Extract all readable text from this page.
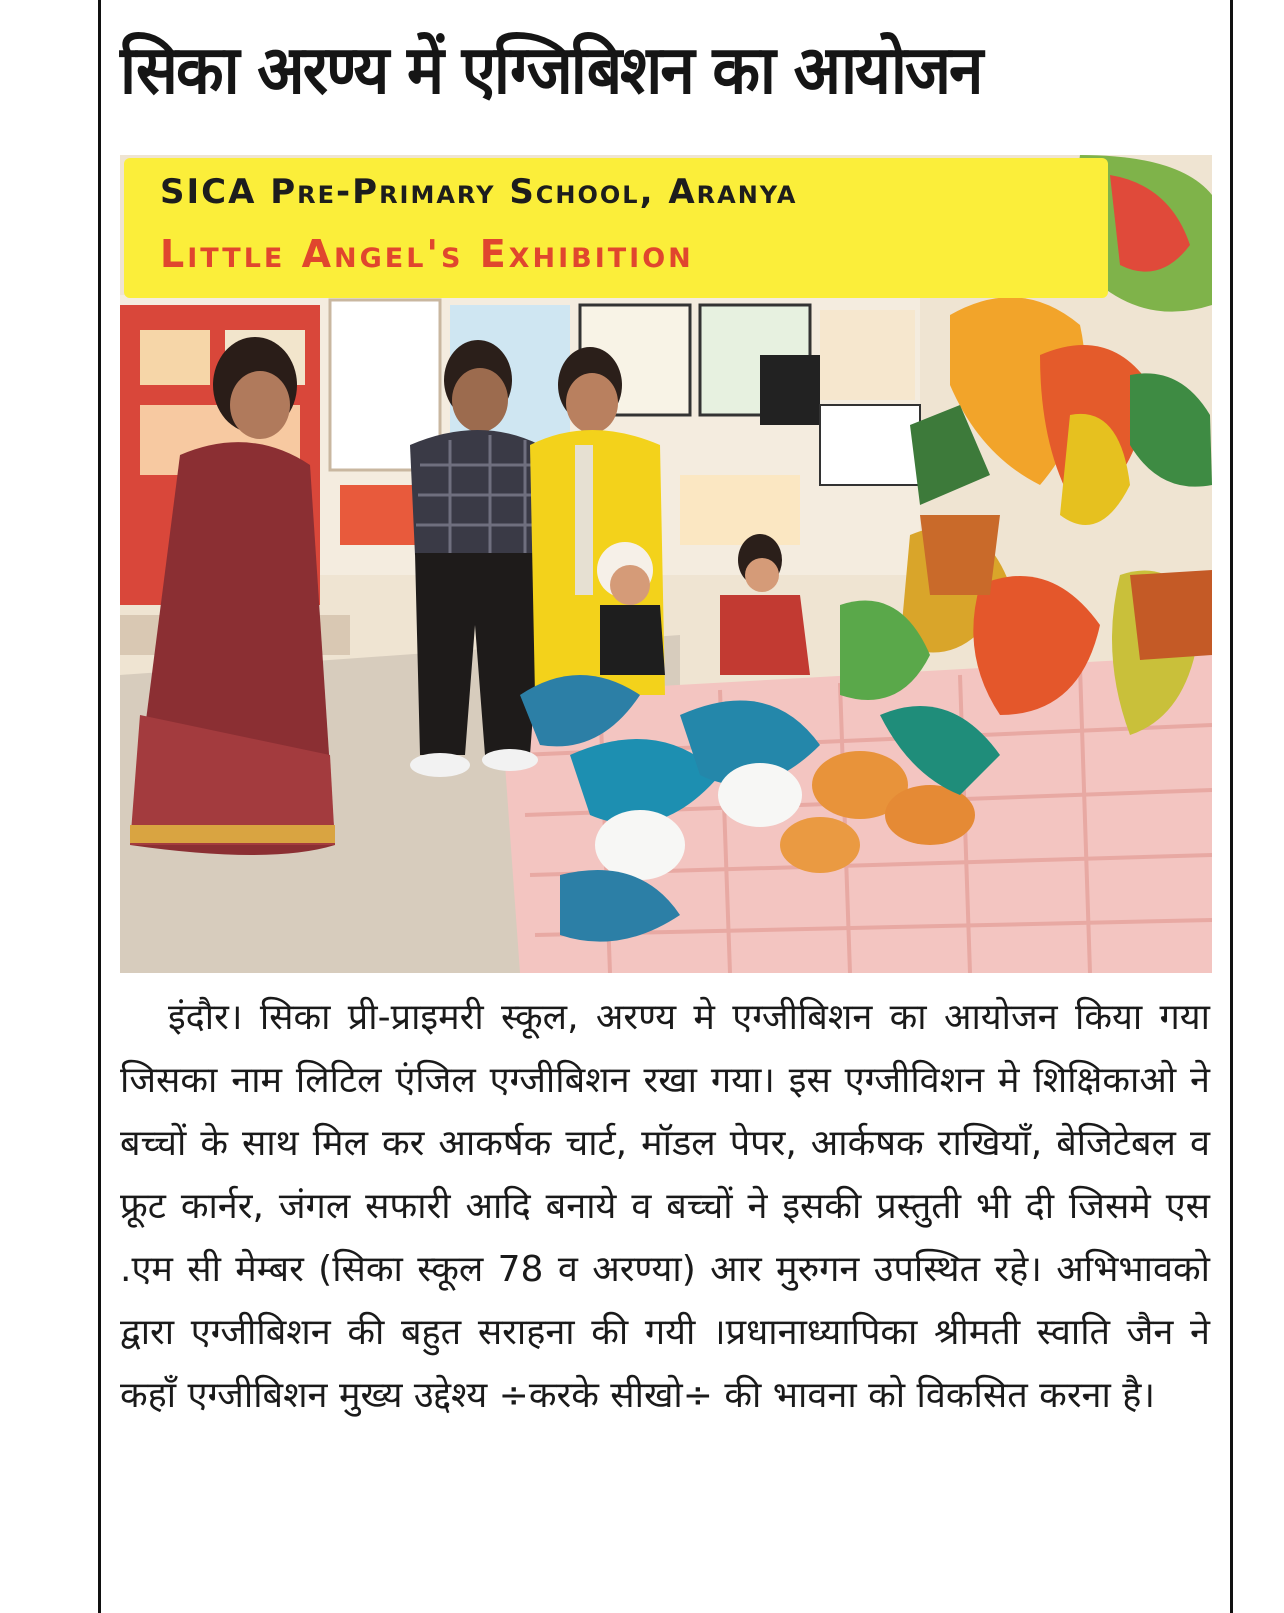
सिका अरण्य में एग्जिबिशन का आयोजन
SICA Pre-Primary School, Aranya
Little Angel's Exhibition

इंदौर। सिका प्री-प्राइमरी स्कूल, अरण्य मे एग्जीबिशन का आयोजन किया गया जिसका नाम लिटिल एंजिल एग्जीबिशन रखा गया। इस एग्जीविशन मे शिक्षिकाओ ने बच्चों के साथ मिल कर आकर्षक चार्ट, मॉडल पेपर, आर्कषक राखियाँ, बेजिटेबल व फ्रूट कार्नर, जंगल सफारी आदि बनाये व बच्चों ने इसकी प्रस्तुती भी दी जिसमे एस .एम सी मेम्बर (सिका स्कूल 78 व अरण्या) आर मुरुगन उपस्थित रहे। अभिभावको द्वारा एग्जीबिशन की बहुत सराहना की गयी ।प्रधानाध्यापिका श्रीमती स्वाति जैन ने कहाँ एग्जीबिशन मुख्य उद्देश्य ÷करके सीखो÷ की भावना को विकसित करना है।
